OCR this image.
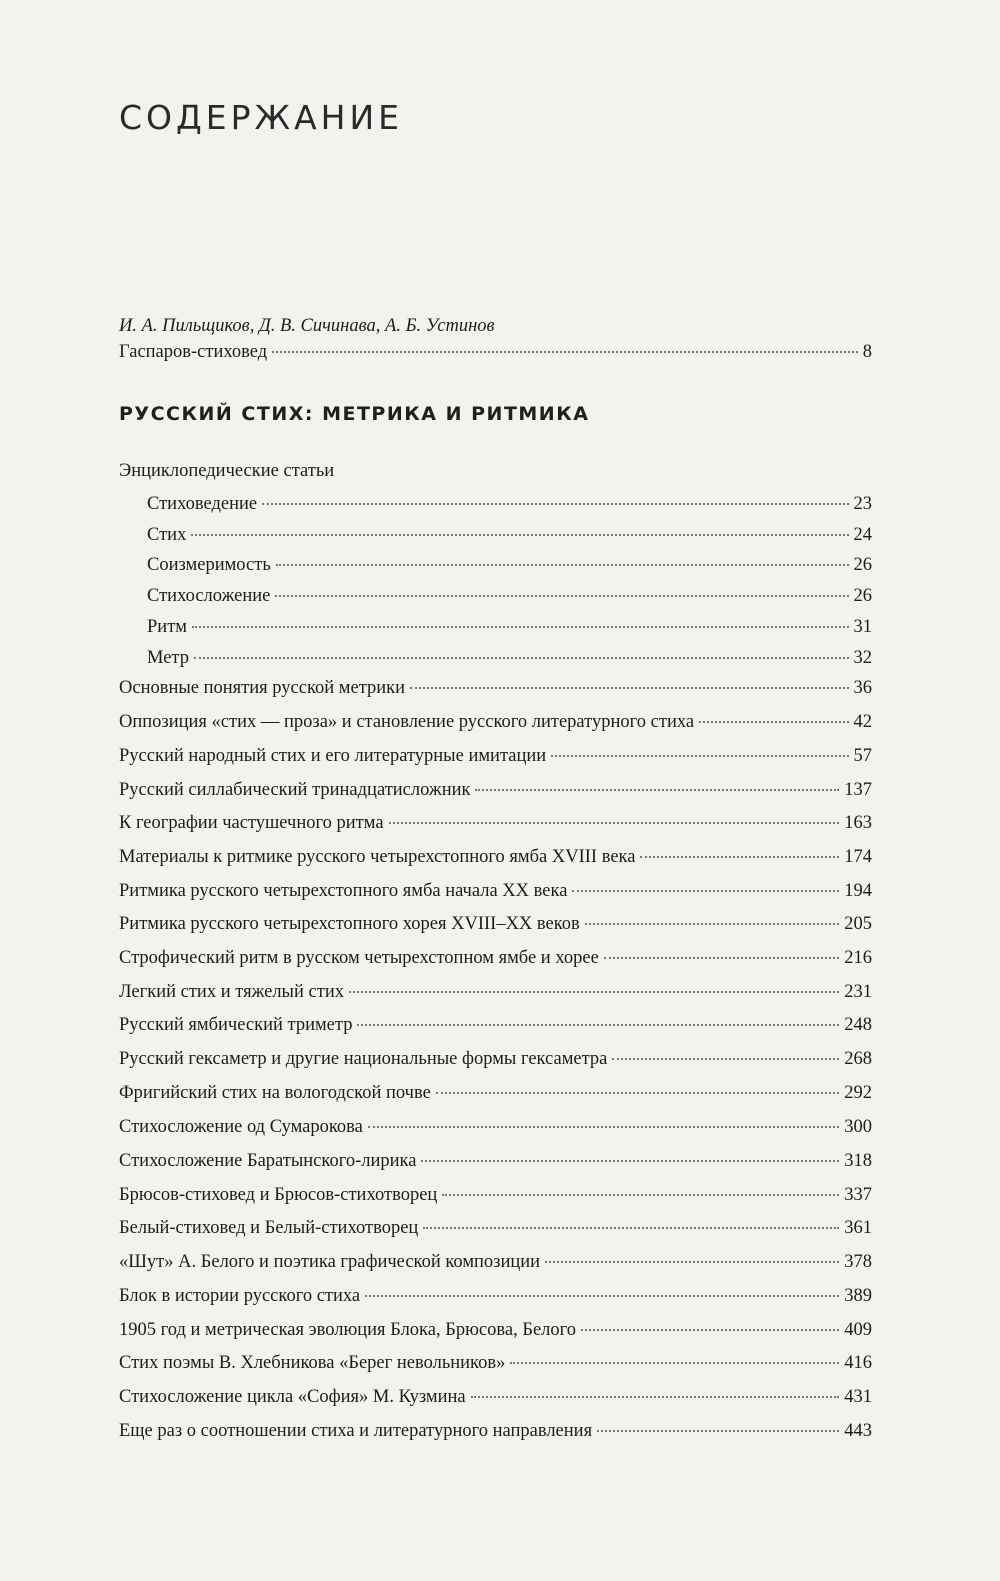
СОДЕРЖАНИЕ
И. А. Пильщиков, Д. В. Сичинава, А. Б. Устинов
Гаспаров-стиховед	8
РУССКИЙ СТИХ: МЕТРИКА И РИТМИКА
Энциклопедические статьи
Стиховедение	23
Стих	24
Соизмеримость	26
Стихосложение	26
Ритм	31
Метр	32
Основные понятия русской метрики	36
Оппозиция «стих — проза» и становление русского литературного стиха	42
Русский народный стих и его литературные имитации	57
Русский силлабический тринадцатисложник	137
К географии частушечного ритма	163
Материалы к ритмике русского четырехстопного ямба XVIII века	174
Ритмика русского четырехстопного ямба начала XX века	194
Ритмика русского четырехстопного хорея XVIII–XX веков	205
Строфический ритм в русском четырехстопном ямбе и хорее	216
Легкий стих и тяжелый стих	231
Русский ямбический триметр	248
Русский гексаметр и другие национальные формы гексаметра	268
Фригийский стих на вологодской почве	292
Стихосложение од Сумарокова	300
Стихосложение Баратынского-лирика	318
Брюсов-стиховед и Брюсов-стихотворец	337
Белый-стиховед и Белый-стихотворец	361
«Шут» А. Белого и поэтика графической композиции	378
Блок в истории русского стиха	389
1905 год и метрическая эволюция Блока, Брюсова, Белого	409
Стих поэмы В. Хлебникова «Берег невольников»	416
Стихосложение цикла «София» М. Кузмина	431
Еще раз о соотношении стиха и литературного направления	443
